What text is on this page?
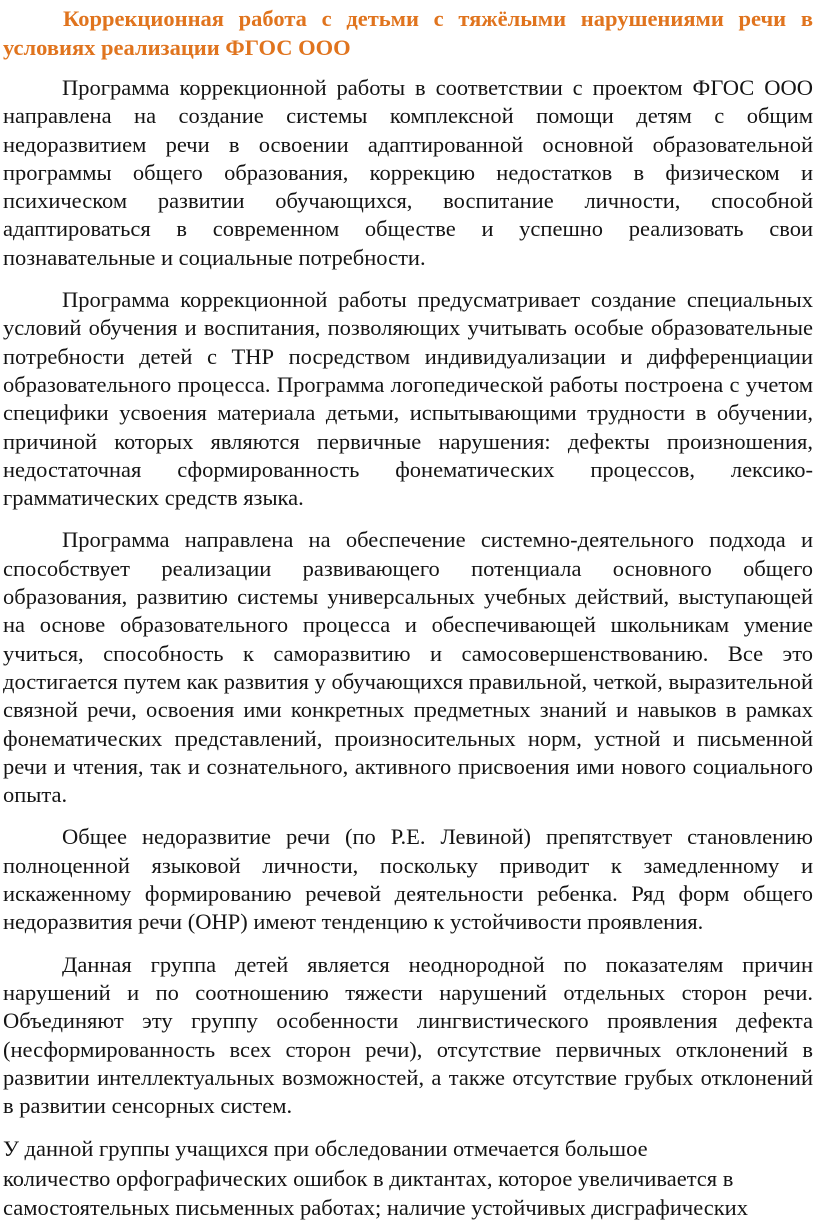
Коррекционная работа с детьми с тяжёлыми нарушениями речи в условиях реализации ФГОС ООО

Программа коррекционной работы в соответствии с проектом ФГОС ООО направлена на создание системы комплексной помощи детям с общим недоразвитием речи в освоении адаптированной основной образовательной программы общего образования, коррекцию недостатков в физическом и психическом развитии обучающихся, воспитание личности, способной адаптироваться в современном обществе и успешно реализовать свои познавательные и социальные потребности.

Программа коррекционной работы предусматривает создание специальных условий обучения и воспитания, позволяющих учитывать особые образовательные потребности детей с ТНР посредством индивидуализации и дифференциации образовательного процесса. Программа логопедической работы построена с учетом специфики усвоения материала детьми, испытывающими трудности в обучении, причиной которых являются первичные нарушения: дефекты произношения, недостаточная сформированность фонематических процессов, лексико-грамматических средств языка.

Программа направлена на обеспечение системно-деятельного подхода и способствует реализации развивающего потенциала основного общего образования, развитию системы универсальных учебных действий, выступающей на основе образовательного процесса и обеспечивающей школьникам умение учиться, способность к саморазвитию и самосовершенствованию. Все это достигается путем как развития у обучающихся правильной, четкой, выразительной связной речи, освоения ими конкретных предметных знаний и навыков в рамках фонематических представлений, произносительных норм, устной и письменной речи и чтения, так и сознательного, активного присвоения ими нового социального опыта.

Общее недоразвитие речи (по Р.Е. Левиной) препятствует становлению полноценной языковой личности, поскольку приводит к замедленному и искаженному формированию речевой деятельности ребенка. Ряд форм общего недоразвития речи (ОНР) имеют тенденцию к устойчивости проявления.

Данная группа детей является неоднородной по показателям причин нарушений и по соотношению тяжести нарушений отдельных сторон речи. Объединяют эту группу особенности лингвистического проявления дефекта (несформированность всех сторон речи), отсутствие первичных отклонений в развитии интеллектуальных возможностей, а также отсутствие грубых отклонений в развитии сенсорных систем.

У данной группы учащихся при обследовании отмечается большое
количество орфографических ошибок в диктантах, которое увеличивается в
самостоятельных письменных работах; наличие устойчивых дисграфических
